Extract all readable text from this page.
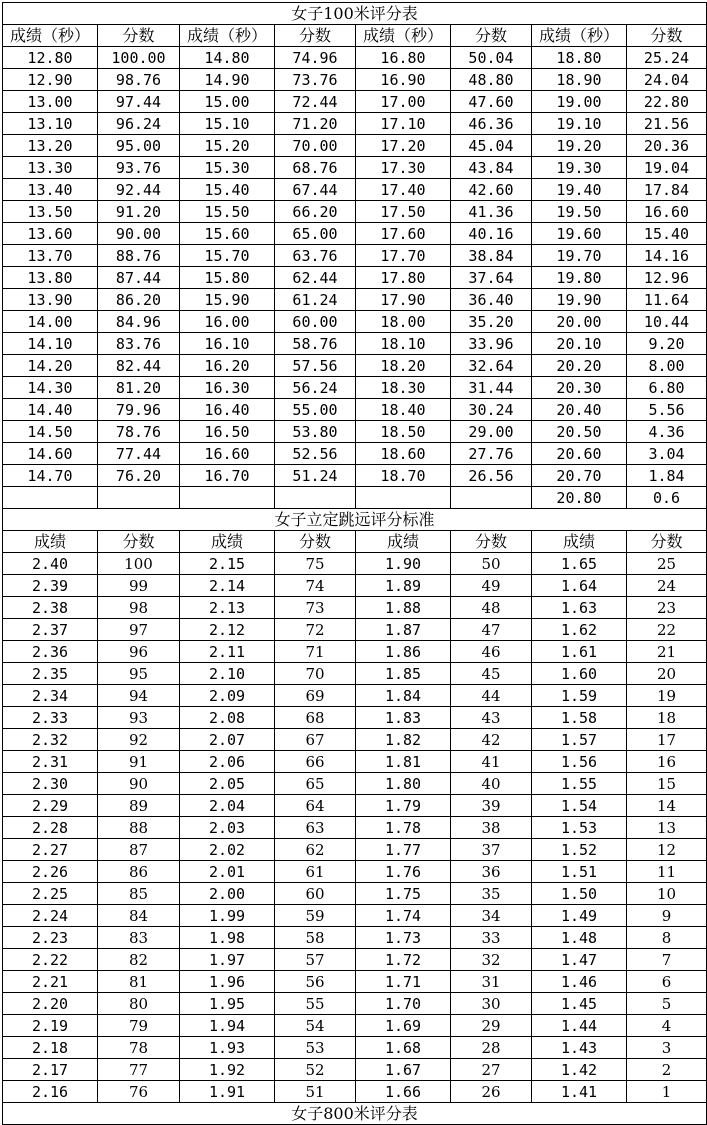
女子100米评分表							
成绩（秒）	分数	成绩（秒）	分数	成绩（秒）	分数	成绩（秒）	分数
12.80	100.00	14.80	74.96	16.80	50.04	18.80	25.24
12.90	98.76	14.90	73.76	16.90	48.80	18.90	24.04
13.00	97.44	15.00	72.44	17.00	47.60	19.00	22.80
13.10	96.24	15.10	71.20	17.10	46.36	19.10	21.56
13.20	95.00	15.20	70.00	17.20	45.04	19.20	20.36
13.30	93.76	15.30	68.76	17.30	43.84	19.30	19.04
13.40	92.44	15.40	67.44	17.40	42.60	19.40	17.84
13.50	91.20	15.50	66.20	17.50	41.36	19.50	16.60
13.60	90.00	15.60	65.00	17.60	40.16	19.60	15.40
13.70	88.76	15.70	63.76	17.70	38.84	19.70	14.16
13.80	87.44	15.80	62.44	17.80	37.64	19.80	12.96
13.90	86.20	15.90	61.24	17.90	36.40	19.90	11.64
14.00	84.96	16.00	60.00	18.00	35.20	20.00	10.44
14.10	83.76	16.10	58.76	18.10	33.96	20.10	9.20
14.20	82.44	16.20	57.56	18.20	32.64	20.20	8.00
14.30	81.20	16.30	56.24	18.30	31.44	20.30	6.80
14.40	79.96	16.40	55.00	18.40	30.24	20.40	5.56
14.50	78.76	16.50	53.80	18.50	29.00	20.50	4.36
14.60	77.44	16.60	52.56	18.60	27.76	20.60	3.04
14.70	76.20	16.70	51.24	18.70	26.56	20.70	1.84
						20.80	0.6
女子立定跳远评分标准							
成绩	分数	成绩	分数	成绩	分数	成绩	分数
2.40	100	2.15	75	1.90	50	1.65	25
2.39	99	2.14	74	1.89	49	1.64	24
2.38	98	2.13	73	1.88	48	1.63	23
2.37	97	2.12	72	1.87	47	1.62	22
2.36	96	2.11	71	1.86	46	1.61	21
2.35	95	2.10	70	1.85	45	1.60	20
2.34	94	2.09	69	1.84	44	1.59	19
2.33	93	2.08	68	1.83	43	1.58	18
2.32	92	2.07	67	1.82	42	1.57	17
2.31	91	2.06	66	1.81	41	1.56	16
2.30	90	2.05	65	1.80	40	1.55	15
2.29	89	2.04	64	1.79	39	1.54	14
2.28	88	2.03	63	1.78	38	1.53	13
2.27	87	2.02	62	1.77	37	1.52	12
2.26	86	2.01	61	1.76	36	1.51	11
2.25	85	2.00	60	1.75	35	1.50	10
2.24	84	1.99	59	1.74	34	1.49	9
2.23	83	1.98	58	1.73	33	1.48	8
2.22	82	1.97	57	1.72	32	1.47	7
2.21	81	1.96	56	1.71	31	1.46	6
2.20	80	1.95	55	1.70	30	1.45	5
2.19	79	1.94	54	1.69	29	1.44	4
2.18	78	1.93	53	1.68	28	1.43	3
2.17	77	1.92	52	1.67	27	1.42	2
2.16	76	1.91	51	1.66	26	1.41	1
女子800米评分表							
